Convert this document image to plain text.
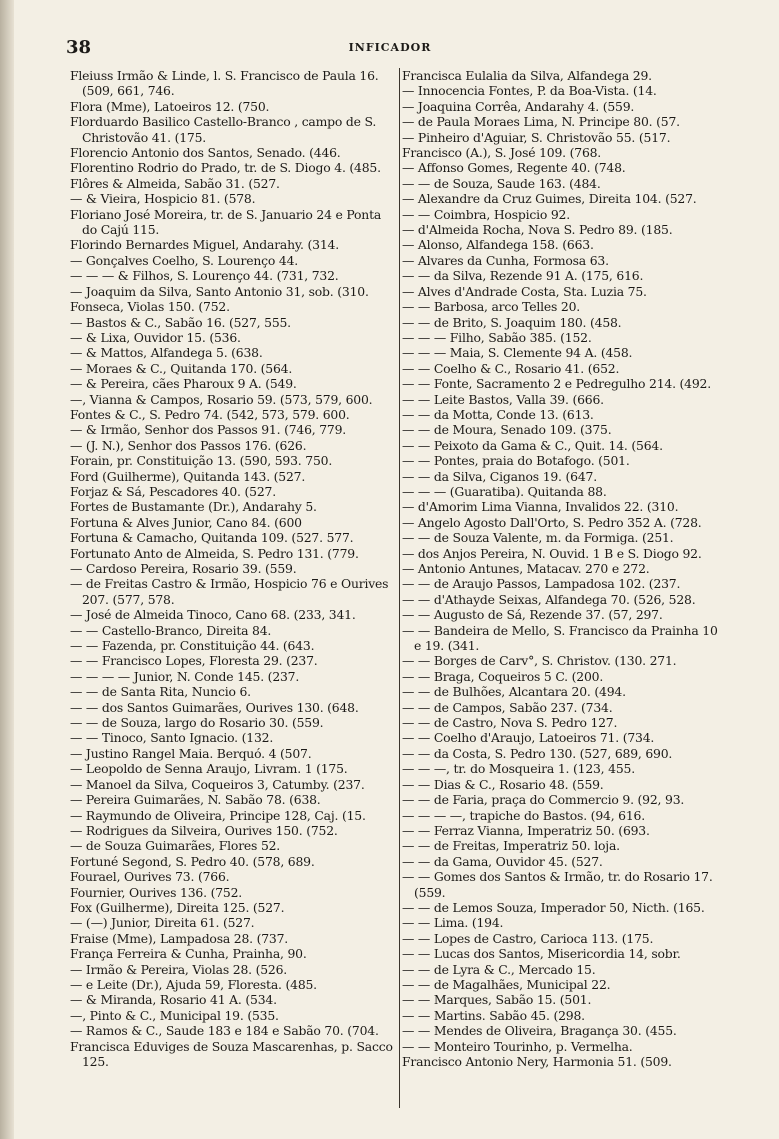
38	INFICADOR

Fleiuss Irmão & Linde, l. S. Francisco de Paula 16. (509, 661, 746.

Flora (Mme), Latoeiros 12. (750.

Florduardo Basilico Castello-Branco , campo de S. Christovão 41. (175.

Florencio Antonio dos Santos, Senado. (446.

Florentino Rodrio do Prado, tr. de S. Diogo 4. (485.

Flôres & Almeida, Sabão 31. (527.

— & Vieira, Hospicio 81. (578.

Floriano José Moreira, tr. de S. Januario 24 e Ponta do Cajú 115.

Florindo Bernardes Miguel, Andarahy. (314.

— Gonçalves Coelho, S. Lourenço 44.

— — — & Filhos, S. Lourenço 44. (731, 732.

— Joaquim da Silva, Santo Antonio 31, sob. (310.

Fonseca, Violas 150. (752.

— Bastos & C., Sabão 16. (527, 555.

— & Lixa, Ouvidor 15. (536.

— & Mattos, Alfandega 5. (638.

— Moraes & C., Quitanda 170. (564.

— & Pereira, cães Pharoux 9 A. (549.

—, Vianna & Campos, Rosario 59. (573, 579, 600.

Fontes & C., S. Pedro 74. (542, 573, 579. 600.

— & Irmão, Senhor dos Passos 91. (746, 779.

— (J. N.), Senhor dos Passos 176. (626.

Forain, pr. Constituição 13. (590, 593. 750.

Ford (Guilherme), Quitanda 143. (527.

Forjaz & Sá, Pescadores 40. (527.

Fortes de Bustamante (Dr.), Andarahy 5.

Fortuna & Alves Junior, Cano 84. (600

Fortuna & Camacho, Quitanda 109. (527. 577.

Fortunato Anto de Almeida, S. Pedro 131. (779.

— Cardoso Pereira, Rosario 39. (559.

— de Freitas Castro & Irmão, Hospicio 76 e Ourives 207. (577, 578.

— José de Almeida Tinoco, Cano 68. (233, 341.

— — Castello-Branco, Direita 84.

— — Fazenda, pr. Constituição 44. (643.

— — Francisco Lopes, Floresta 29. (237.

— — — — Junior, N. Conde 145. (237.

— — de Santa Rita, Nuncio 6.

— — dos Santos Guimarães, Ourives 130. (648.

— — de Souza, largo do Rosario 30. (559.

— — Tinoco, Santo Ignacio. (132.

— Justino Rangel Maia. Berquó. 4 (507.

— Leopoldo de Senna Araujo, Livram. 1 (175.

— Manoel da Silva, Coqueiros 3, Catumby. (237.

— Pereira Guimarães, N. Sabão 78. (638.

— Raymundo de Oliveira, Principe 128, Caj. (15.

— Rodrigues da Silveira, Ourives 150. (752.

— de Souza Guimarães, Flores 52.

Fortuné Segond, S. Pedro 40. (578, 689.

Fourael, Ourives 73. (766.

Fournier, Ourives 136. (752.

Fox (Guilherme), Direita 125. (527.

— (—) Junior, Direita 61. (527.

Fraise (Mme), Lampadosa 28. (737.

França Ferreira & Cunha, Prainha, 90.

— Irmão & Pereira, Violas 28. (526.

— e Leite (Dr.), Ajuda 59, Floresta. (485.

— & Miranda, Rosario 41 A. (534.

—, Pinto & C., Municipal 19. (535.

— Ramos & C., Saude 183 e 184 e Sabão 70. (704.

Francisca Eduviges de Souza Mascarenhas, p. Sacco 125.

Francisca Eulalia da Silva, Alfandega 29.

— Innocencia Fontes, P. da Boa-Vista. (14.

— Joaquina Corrêa, Andarahy 4. (559.

— de Paula Moraes Lima, N. Principe 80. (57.

— Pinheiro d'Aguiar, S. Christovão 55. (517.

Francisco (A.), S. José 109. (768.

— Affonso Gomes, Regente 40. (748.

— — de Souza, Saude 163. (484.

— Alexandre da Cruz Guimes, Direita 104. (527.

— — Coimbra, Hospicio 92.

— d'Almeida Rocha, Nova S. Pedro 89. (185.

— Alonso, Alfandega 158. (663.

— Alvares da Cunha, Formosa 63.

— — da Silva, Rezende 91 A. (175, 616.

— Alves d'Andrade Costa, Sta. Luzia 75.

— — Barbosa, arco Telles 20.

— — de Brito, S. Joaquim 180. (458.

— — — Filho, Sabão 385. (152.

— — — Maia, S. Clemente 94 A. (458.

— — Coelho & C., Rosario 41. (652.

— — Fonte, Sacramento 2 e Pedregulho 214. (492.

— — Leite Bastos, Valla 39. (666.

— — da Motta, Conde 13. (613.

— — de Moura, Senado 109. (375.

— — Peixoto da Gama & C., Quit. 14. (564.

— — Pontes, praia do Botafogo. (501.

— — da Silva, Ciganos 19. (647.

— — — (Guaratiba). Quitanda 88.

— d'Amorim Lima Vianna, Invalidos 22. (310.

— Angelo Agosto Dall'Orto, S. Pedro 352 A. (728.

— — de Souza Valente, m. da Formiga. (251.

— dos Anjos Pereira, N. Ouvid. 1 B e S. Diogo 92.

— Antonio Antunes, Matacav. 270 e 272.

— — de Araujo Passos, Lampadosa 102. (237.

— — d'Athayde Seixas, Alfandega 70. (526, 528.

— — Augusto de Sá, Rezende 37. (57, 297.

— — Bandeira de Mello, S. Francisco da Prainha 10 e 19. (341.

— — Borges de Carv°, S. Christov. (130. 271.

— — Braga, Coqueiros 5 C. (200.

— — de Bulhões, Alcantara 20. (494.

— — de Campos, Sabão 237. (734.

— — de Castro, Nova S. Pedro 127.

— — Coelho d'Araujo, Latoeiros 71. (734.

— — da Costa, S. Pedro 130. (527, 689, 690.

— — —, tr. do Mosqueira 1. (123, 455.

— — Dias & C., Rosario 48. (559.

— — de Faria, praça do Commercio 9. (92, 93.

— — — —, trapiche do Bastos. (94, 616.

— — Ferraz Vianna, Imperatriz 50. (693.

— — de Freitas, Imperatriz 50. loja.

— — da Gama, Ouvidor 45. (527.

— — Gomes dos Santos & Irmão, tr. do Rosario 17. (559.

— — de Lemos Souza, Imperador 50, Nicth. (165.

— — Lima. (194.

— — Lopes de Castro, Carioca 113. (175.

— — Lucas dos Santos, Misericordia 14, sobr.

— — de Lyra & C., Mercado 15.

— — de Magalhães, Municipal 22.

— — Marques, Sabão 15. (501.

— — Martins. Sabão 45. (298.

— — Mendes de Oliveira, Bragança 30. (455.

— — Monteiro Tourinho, p. Vermelha.

Francisco Antonio Nery, Harmonia 51. (509.
